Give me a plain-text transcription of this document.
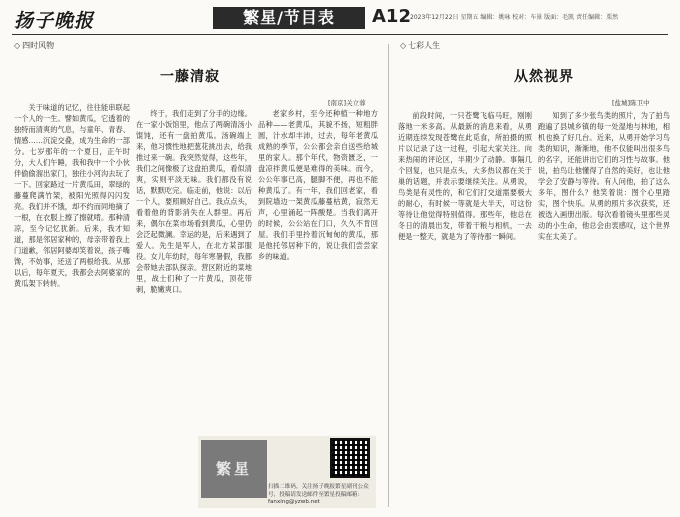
扬子晚报	繁星/节目表	A12 2023年12月22日 星期五 编辑：姚咏 校对：车景 版面：毛凯 责任编辑：栗然
◇ 四时风物
一藤清寂
[南京]关立蓉

关于味道的记忆，往往能串联起一个人的一生。譬如黄瓜，它透着的独特而清爽的气息，与童年、青春、情感……沉淀交叠，成为生命的一部分。七岁那年的一个夏日，正午时分，大人们午睡，我和我中一个小伙伴偷偷溜出家门，独往小河沟去玩了一下。回家路过一片黄瓜田，翠绿的藤蔓爬满竹架，被阳光照得闪闪发亮。我们并不饿，却不约而同地摘了一根，在衣服上擦了擦就啃。那种清凉，至今记忆犹新。后来，我才知道，那是邻居家种的，母亲带着我上门道歉，邻居阿婆却笑着说，孩子嘴馋，不妨事，还送了两根给我。从那以后，每年夏天，我都会去阿婆家的黄瓜架下转转。

终于，我们走到了分手的边缘。在一家小饭馆里，他点了两碗清汤小馄饨，还有一盘拍黄瓜。汤碗端上来，他习惯性地把葱花挑出去，给我推过来一碗。我突然觉得，这些年，我们之间像极了这盘拍黄瓜，看似清爽，实则平淡无味。我们都没有说话，默默吃完。临走前，他说：以后一个人，要照顾好自己。我点点头，看着他的背影消失在人群里。再后来，偶尔在菜市场看到黄瓜，心里仍会泛起微澜。幸运的是，后来遇到了爱人。先生是军人，在北方某部服役。女儿年幼时，每年寒暑假，我都会带她去部队探亲。营区附近的菜地里，战士们种了一片黄瓜，顶花带刺，脆嫩爽口。

老家乡村，至今还种植一种地方品种——老黄瓜，其貌不扬，短粗胖圆，汁水却丰沛，过去，每年老黄瓜成熟的季节，公公都会亲自送些给城里的家人。那个年代，物资匮乏，一盘凉拌黄瓜便是难得的美味。而今，公公年事已高，腿脚不便，再也不能种黄瓜了。有一年，我们回老家，看到院墙边一架黄瓜藤蔓枯黄，寂然无声，心里涌起一阵酸楚。当我们离开的时候，公公站在门口，久久不肯回屋。我们手里拎着沉甸甸的黄瓜，那是他托邻居种下的，说让我们尝尝家乡的味道。

繁星
扫描二维码，关注扬子晚报繁星副刊公众号，投稿请发送邮件至繁星投稿邮箱：fanxing@yzwb.net
◇ 七彩人生
从然视界
[盐城]陈卫中

前段时间，一只苍鹭飞临马旺，刚刚落地一米多高。从最新的消息来看，从勇近期连续发现苍鹭在此觅食，所拍摄的照片以记录了这一过程，引起大家关注。向来热闹的评论区，半期少了动静。事隔几个回复，也只是点头，大多热议都在关于巢的话题，并表示要继续关注。从勇说，鸟类是有灵性的，和它们打交道需要极大的耐心，有时候一等就是大半天，可这份等待让他觉得特别值得。那些年，他总在冬日的清晨出发，带着干粮与相机，一去便是一整天，就是为了等待那一瞬间。

知到了多少张鸟类的照片，为了拍鸟跑遍了县城乡镇的每一处湿地与林地，相机也换了好几台。近来，从勇开始学习鸟类的知识，渐渐地，他不仅能叫出很多鸟的名字，还能讲出它们的习性与故事。他说，拍鸟让他懂得了自然的美好，也让他学会了安静与等待。有人问他，拍了这么多年，图什么？他笑着说：图个心里踏实，图个快乐。从勇的照片多次获奖，还被选入画册出版。每次看着镜头里那些灵动的小生命，他总会由衷感叹，这个世界实在太美了。
